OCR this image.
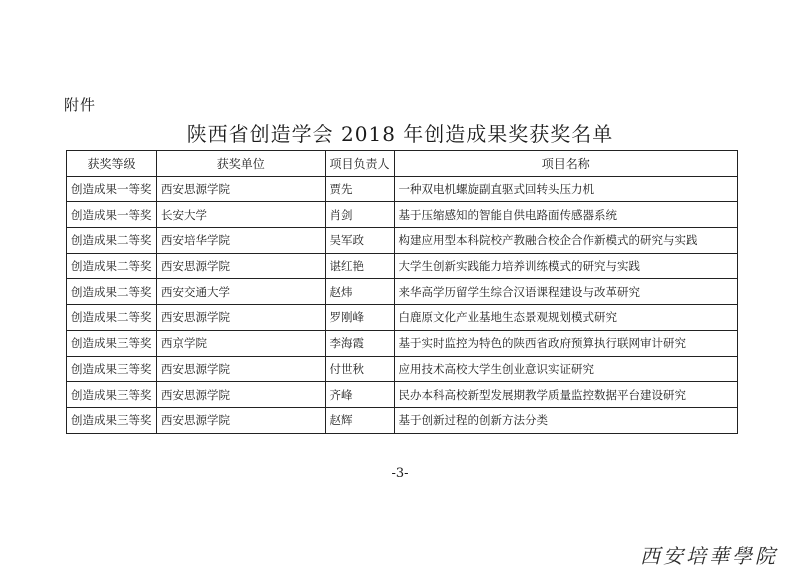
附件
陕西省创造学会 2018 年创造成果奖获奖名单
获奖等级	获奖单位	项目负责人	项目名称
创造成果一等奖	西安思源学院	贾先	一种双电机螺旋副直驱式回转头压力机
创造成果一等奖	长安大学	肖剑	基于压缩感知的智能自供电路面传感器系统
创造成果二等奖	西安培华学院	吴军政	构建应用型本科院校产教融合校企合作新模式的研究与实践
创造成果二等奖	西安思源学院	谌红艳	大学生创新实践能力培养训练模式的研究与实践
创造成果二等奖	西安交通大学	赵炜	来华高学历留学生综合汉语课程建设与改革研究
创造成果二等奖	西安思源学院	罗刚峰	白鹿原文化产业基地生态景观规划模式研究
创造成果三等奖	西京学院	李海霞	基于实时监控为特色的陕西省政府预算执行联网审计研究
创造成果三等奖	西安思源学院	付世秋	应用技术高校大学生创业意识实证研究
创造成果三等奖	西安思源学院	齐峰	民办本科高校新型发展期教学质量监控数据平台建设研究
创造成果三等奖	西安思源学院	赵辉	基于创新过程的创新方法分类
-3-
西安培華學院
